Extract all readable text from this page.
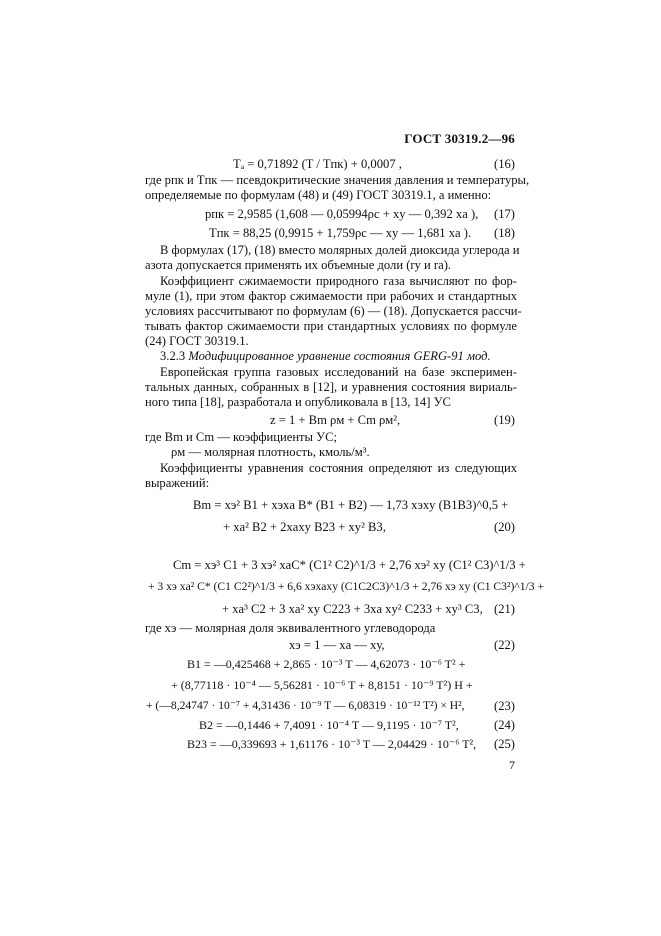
ГОСТ 30319.2—96
Tₐ = 0,71892 (T / Tпк) + 0,0007 ,	(16)
где pпк и Tпк — псевдокритические значения давления и температуры,
определяемые по формулам (48) и (49) ГОСТ 30319.1, а именно:
pпк = 2,9585 (1,608 — 0,05994ρс + xу — 0,392 xа ), (17)
Tпк = 88,25 (0,9915 + 1,759ρс — xу — 1,681 xа ). (18)
В формулах (17), (18) вместо молярных долей диоксида углерода и
азота допускается применять их объемные доли (rу и rа).
Коэффициент сжимаемости природного газа вычисляют по фор-
муле (1), при этом фактор сжимаемости при рабочих и стандартных
условиях рассчитывают по формулам (6) — (18). Допускается рассчи-
тывать фактор сжимаемости при стандартных условиях по формуле
(24) ГОСТ 30319.1.
3.2.3 Модифицированное уравнение состояния GERG-91 мод.
Европейская группа газовых исследований на базе эксперимен-
тальных данных, собранных в [12], и уравнения состояния вириаль-
ного типа [18], разработала и опубликовала в [13, 14] УС
z = 1 + Bm ρм + Cm ρм²,	(19)
где Bm и Cm — коэффициенты УС;
ρм — молярная плотность, кмоль/м³.
Коэффициенты уравнения состояния определяют из следующих
выражений:
Bm = xэ² B1 + xэxа B* (B1 + B2) — 1,73 xэxу (B1B3)^0,5 +
+ xа² B2 + 2xаxу B23 + xу² B3,	(20)
Cm = xэ³ C1 + 3 xэ² xаC* (C1² C2)^1/3 + 2,76 xэ² xу (C1² C3)^1/3 +
+ 3 xэ xа² C* (C1 C2²)^1/3 + 6,6 xэxаxу (C1C2C3)^1/3 + 2,76 xэ xу (C1 C3²)^1/3 +
+ xа³ C2 + 3 xа² xу C223 + 3xа xу² C233 + xу³ C3, (21)
где xэ — молярная доля эквивалентного углеводорода
xэ = 1 — xа — xу,	(22)
B1 = —0,425468 + 2,865 · 10⁻³ T — 4,62073 · 10⁻⁶ T² +
+ (8,77118 · 10⁻⁴ — 5,56281 · 10⁻⁶ T + 8,8151 · 10⁻⁹ T²) H +
+ (—8,24747 · 10⁻⁷ + 4,31436 · 10⁻⁹ T — 6,08319 · 10⁻¹² T²) × H², (23)
B2 = —0,1446 + 7,4091 · 10⁻⁴ T — 9,1195 · 10⁻⁷ T²,	(24)
B23 = —0,339693 + 1,61176 · 10⁻³ T — 2,04429 · 10⁻⁶ T², (25)
7
